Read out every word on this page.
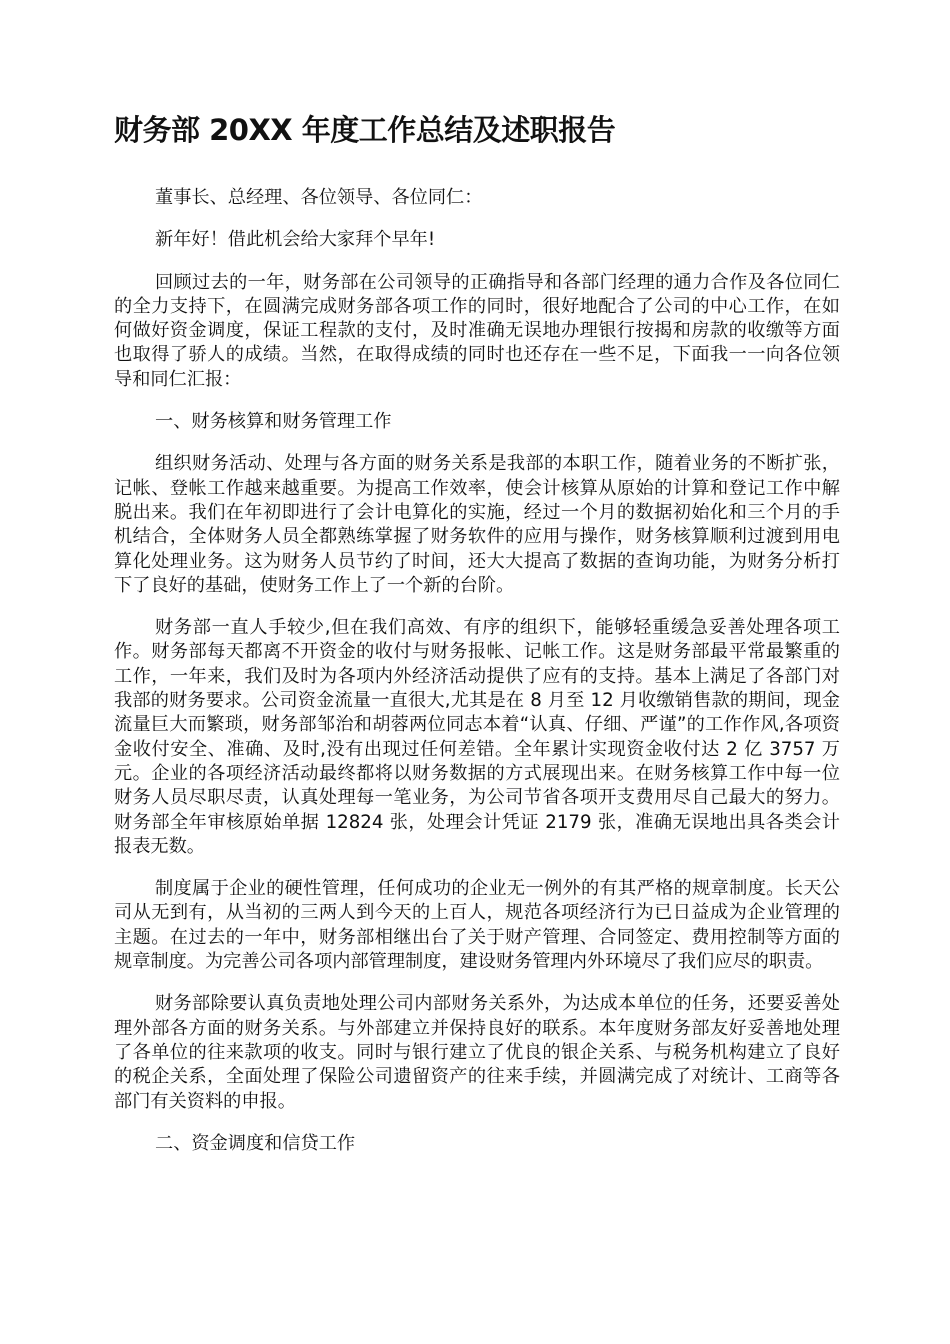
财务部 20XX 年度工作总结及述职报告

董事长、总经理、各位领导、各位同仁：

新年好！借此机会给大家拜个早年!

回顾过去的一年，财务部在公司领导的正确指导和各部门经理的通力合作及各位同仁的全力支持下，在圆满完成财务部各项工作的同时，很好地配合了公司的中心工作，在如何做好资金调度，保证工程款的支付，及时准确无误地办理银行按揭和房款的收缴等方面也取得了骄人的成绩。当然，在取得成绩的同时也还存在一些不足，下面我一一向各位领导和同仁汇报：

一、财务核算和财务管理工作

组织财务活动、处理与各方面的财务关系是我部的本职工作，随着业务的不断扩张，记帐、登帐工作越来越重要。为提高工作效率，使会计核算从原始的计算和登记工作中解脱出来。我们在年初即进行了会计电算化的实施，经过一个月的数据初始化和三个月的手机结合，全体财务人员全都熟练掌握了财务软件的应用与操作，财务核算顺利过渡到用电算化处理业务。这为财务人员节约了时间，还大大提高了数据的查询功能，为财务分析打下了良好的基础，使财务工作上了一个新的台阶。

财务部一直人手较少,但在我们高效、有序的组织下，能够轻重缓急妥善处理各项工作。财务部每天都离不开资金的收付与财务报帐、记帐工作。这是财务部最平常最繁重的工作，一年来，我们及时为各项内外经济活动提供了应有的支持。基本上满足了各部门对我部的财务要求。公司资金流量一直很大,尤其是在 8 月至 12 月收缴销售款的期间，现金流量巨大而繁琐，财务部邹治和胡蓉两位同志本着“认真、仔细、严谨”的工作作风,各项资金收付安全、准确、及时,没有出现过任何差错。全年累计实现资金收付达 2 亿 3757 万元。企业的各项经济活动最终都将以财务数据的方式展现出来。在财务核算工作中每一位财务人员尽职尽责，认真处理每一笔业务，为公司节省各项开支费用尽自己最大的努力。财务部全年审核原始单据 12824 张，处理会计凭证 2179 张，准确无误地出具各类会计报表无数。

制度属于企业的硬性管理，任何成功的企业无一例外的有其严格的规章制度。长天公司从无到有，从当初的三两人到今天的上百人，规范各项经济行为已日益成为企业管理的主题。在过去的一年中，财务部相继出台了关于财产管理、合同签定、费用控制等方面的规章制度。为完善公司各项内部管理制度，建设财务管理内外环境尽了我们应尽的职责。

财务部除要认真负责地处理公司内部财务关系外，为达成本单位的任务，还要妥善处理外部各方面的财务关系。与外部建立并保持良好的联系。本年度财务部友好妥善地处理了各单位的往来款项的收支。同时与银行建立了优良的银企关系、与税务机构建立了良好的税企关系，全面处理了保险公司遗留资产的往来手续，并圆满完成了对统计、工商等各部门有关资料的申报。

二、资金调度和信贷工作
